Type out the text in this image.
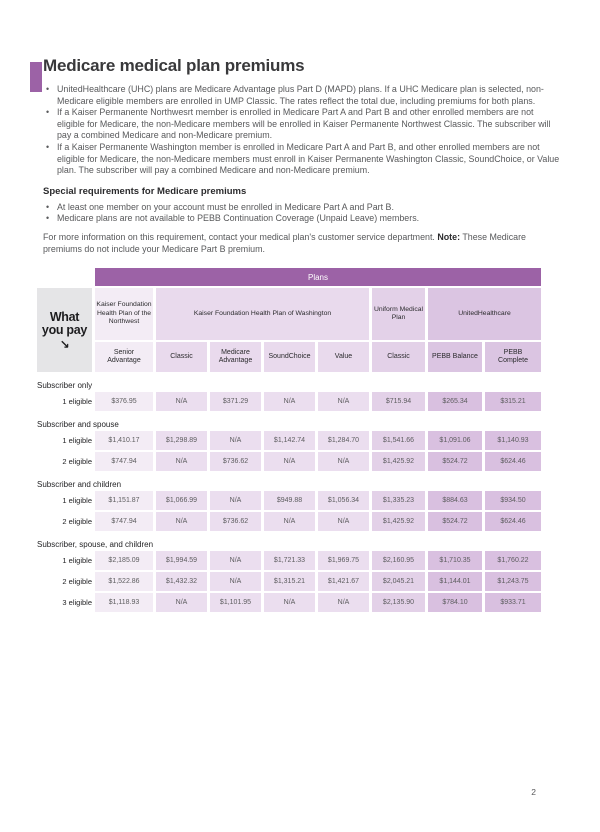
Medicare medical plan premiums
• UnitedHealthcare (UHC) plans are Medicare Advantage plus Part D (MAPD) plans. If a UHC Medicare plan is selected, non-Medicare eligible members are enrolled in UMP Classic. The rates reflect the total due, including premiums for both plans.
• If a Kaiser Permanente Northwesrt member is enrolled in Medicare Part A and Part B and other enrolled members are not eligible for Medicare, the non-Medicare members will be enrolled in Kaiser Permanente Northwest Classic. The subscriber will pay a combined Medicare and non-Medicare premium.
• If a Kaiser Permanente Washington member is enrolled in Medicare Part A and Part B, and other enrolled members are not eligible for Medicare, the non-Medicare members must enroll in Kaiser Permanente Washington Classic, SoundChoice, or Value plan. The subscriber will pay a combined Medicare and non-Medicare premium.
Special requirements for Medicare premiums
• At least one member on your account must be enrolled in Medicare Part A and Part B.
• Medicare plans are not available to PEBB Continuation Coverage (Unpaid Leave) members.

For more information on this requirement, contact your medical plan's customer service department. Note: These Medicare premiums do not include your Medicare Part B premium.

	Plans							

What you pay ↘	Kaiser Foundation Health Plan of the Northwest	Kaiser Foundation Health Plan of Washington				Uniform Medical Plan	UnitedHealthcare	
	Senior Advantage	Classic	Medicare Advantage	SoundChoice	Value	Classic	PEBB Balance	PEBB Complete
Subscriber only								
1 eligible	$376.95	N/A	$371.29	N/A	N/A	$715.94	$265.34	$315.21
Subscriber and spouse								
1 eligible	$1,410.17	$1,298.89	N/A	$1,142.74	$1,284.70	$1,541.66	$1,091.06	$1,140.93
2 eligible	$747.94	N/A	$736.62	N/A	N/A	$1,425.92	$524.72	$624.46
Subscriber and children								
1 eligible	$1,151.87	$1,066.99	N/A	$949.88	$1,056.34	$1,335.23	$884.63	$934.50
2 eligible	$747.94	N/A	$736.62	N/A	N/A	$1,425.92	$524.72	$624.46
Subscriber, spouse, and children								
1 eligible	$2,185.09	$1,994.59	N/A	$1,721.33	$1,969.75	$2,160.95	$1,710.35	$1,760.22
2 eligible	$1,522.86	$1,432.32	N/A	$1,315.21	$1,421.67	$2,045.21	$1,144.01	$1,243.75
3 eligible	$1,118.93	N/A	$1,101.95	N/A	N/A	$2,135.90	$784.10	$933.71
2
